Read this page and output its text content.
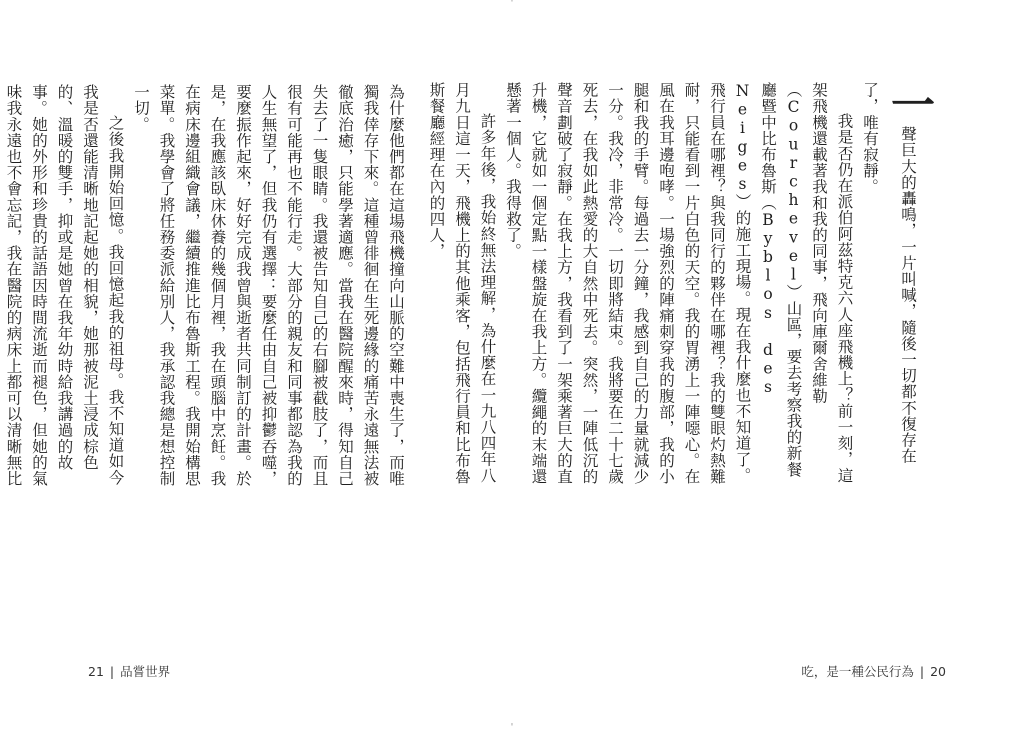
'
'

為什麼他們都在這場飛機撞向山脈的空難中喪生了，而唯獨我倖存下來。這種曾徘徊在生死邊緣的痛苦永遠無法被徹底治癒，只能學著適應。當我在醫院醒來時，得知自己失去了一隻眼睛。我還被告知自己的右腳被截肢了，而且很有可能再也不能行走。大部分的親友和同事都認為我的人生無望了，但我仍有選擇：要麼任由自己被抑鬱吞噬，要麼振作起來，好好完成我曾與逝者共同制訂的計畫。於是，在我應該臥床休養的幾個月裡，我在頭腦中烹飪。我在病床邊組織會議，繼續推進比布魯斯工程。我開始構思菜單。我學會了將任務委派給別人，我承認我總是想控制一切。

之後我開始回憶。我回憶起我的祖母。我不知道如今我是否還能清晰地記起她的相貌，她那被泥土浸成棕色的、溫暖的雙手，抑或是她曾在我年幼時給我講過的故事。她的外形和珍貴的話語因時間流逝而褪色，但她的氣味我永遠也不會忘記，我在醫院的病床上都可以清晰無比

21 | 品嘗世界

一聲巨大的轟鳴，一片叫喊，隨後一切都不復存在了，唯有寂靜。

我是否仍在派伯阿茲特克六人座飛機上？前一刻，這架飛機還載著我和我的同事，飛向庫爾舍維勒（Courchevel）山區，要去考察我的新餐廳暨中比布魯斯（Byblos des Neiges）的施工現場。現在我什麼也不知道了。飛行員在哪裡？與我同行的夥伴在哪裡？我的雙眼灼熱難耐，只能看到一片白色的天空。我的胃湧上一陣噁心。在風在我耳邊咆哮。一場強烈的陣痛刺穿我的腹部，我的小腿和我的手臂。每過去一分鐘，我感到自己的力量就減少一分。我冷，非常冷。一切即將結束。我將要在二十七歲死去，在我如此熱愛的大自然中死去。突然，一陣低沉的聲音劃破了寂靜。在我上方，我看到了一架乘著巨大的直升機，它就如一個定點一樣盤旋在我上方。纜繩的末端還懸著一個人。我得救了。

許多年後，我始終無法理解，為什麼在一九八四年八月九日這一天，飛機上的其他乘客，包括飛行員和比布魯斯餐廳經理在內的四人，

吃，是一種公民行為 | 20
